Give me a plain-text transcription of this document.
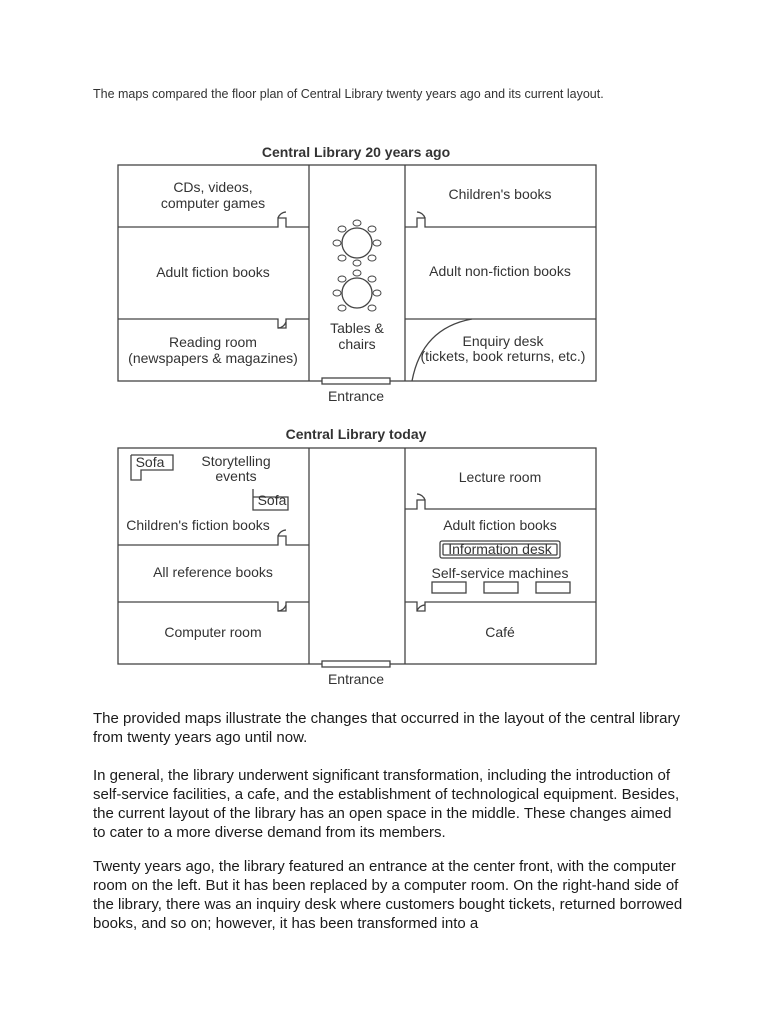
The maps compared the floor plan of Central Library twenty years ago and its current layout.
Central Library 20 years ago
CDs, videos,
computer games
Adult fiction books
Reading room
(newspapers & magazines)
Tables &
chairs
Children's books
Adult non-fiction books
Enquiry desk
(tickets, book returns, etc.)
Entrance
Central Library today
Sofa	Storytelling
events
Sofa
Children's fiction books
All reference books
Computer room
Lecture room
Adult fiction books
Information desk
Self-service machines
Café
Entrance

The provided maps illustrate the changes that occurred in the layout of the central library from twenty years ago until now.

In general, the library underwent significant transformation, including the introduction of self-service facilities, a cafe, and the establishment of technological equipment. Besides, the current layout of the library has an open space in the middle. These changes aimed to cater to a more diverse demand from its members.

Twenty years ago, the library featured an entrance at the center front, with the computer room on the left. But it has been replaced by a computer room. On the right-hand side of the library, there was an inquiry desk where customers bought tickets, returned borrowed books, and so on; however, it has been transformed into a
